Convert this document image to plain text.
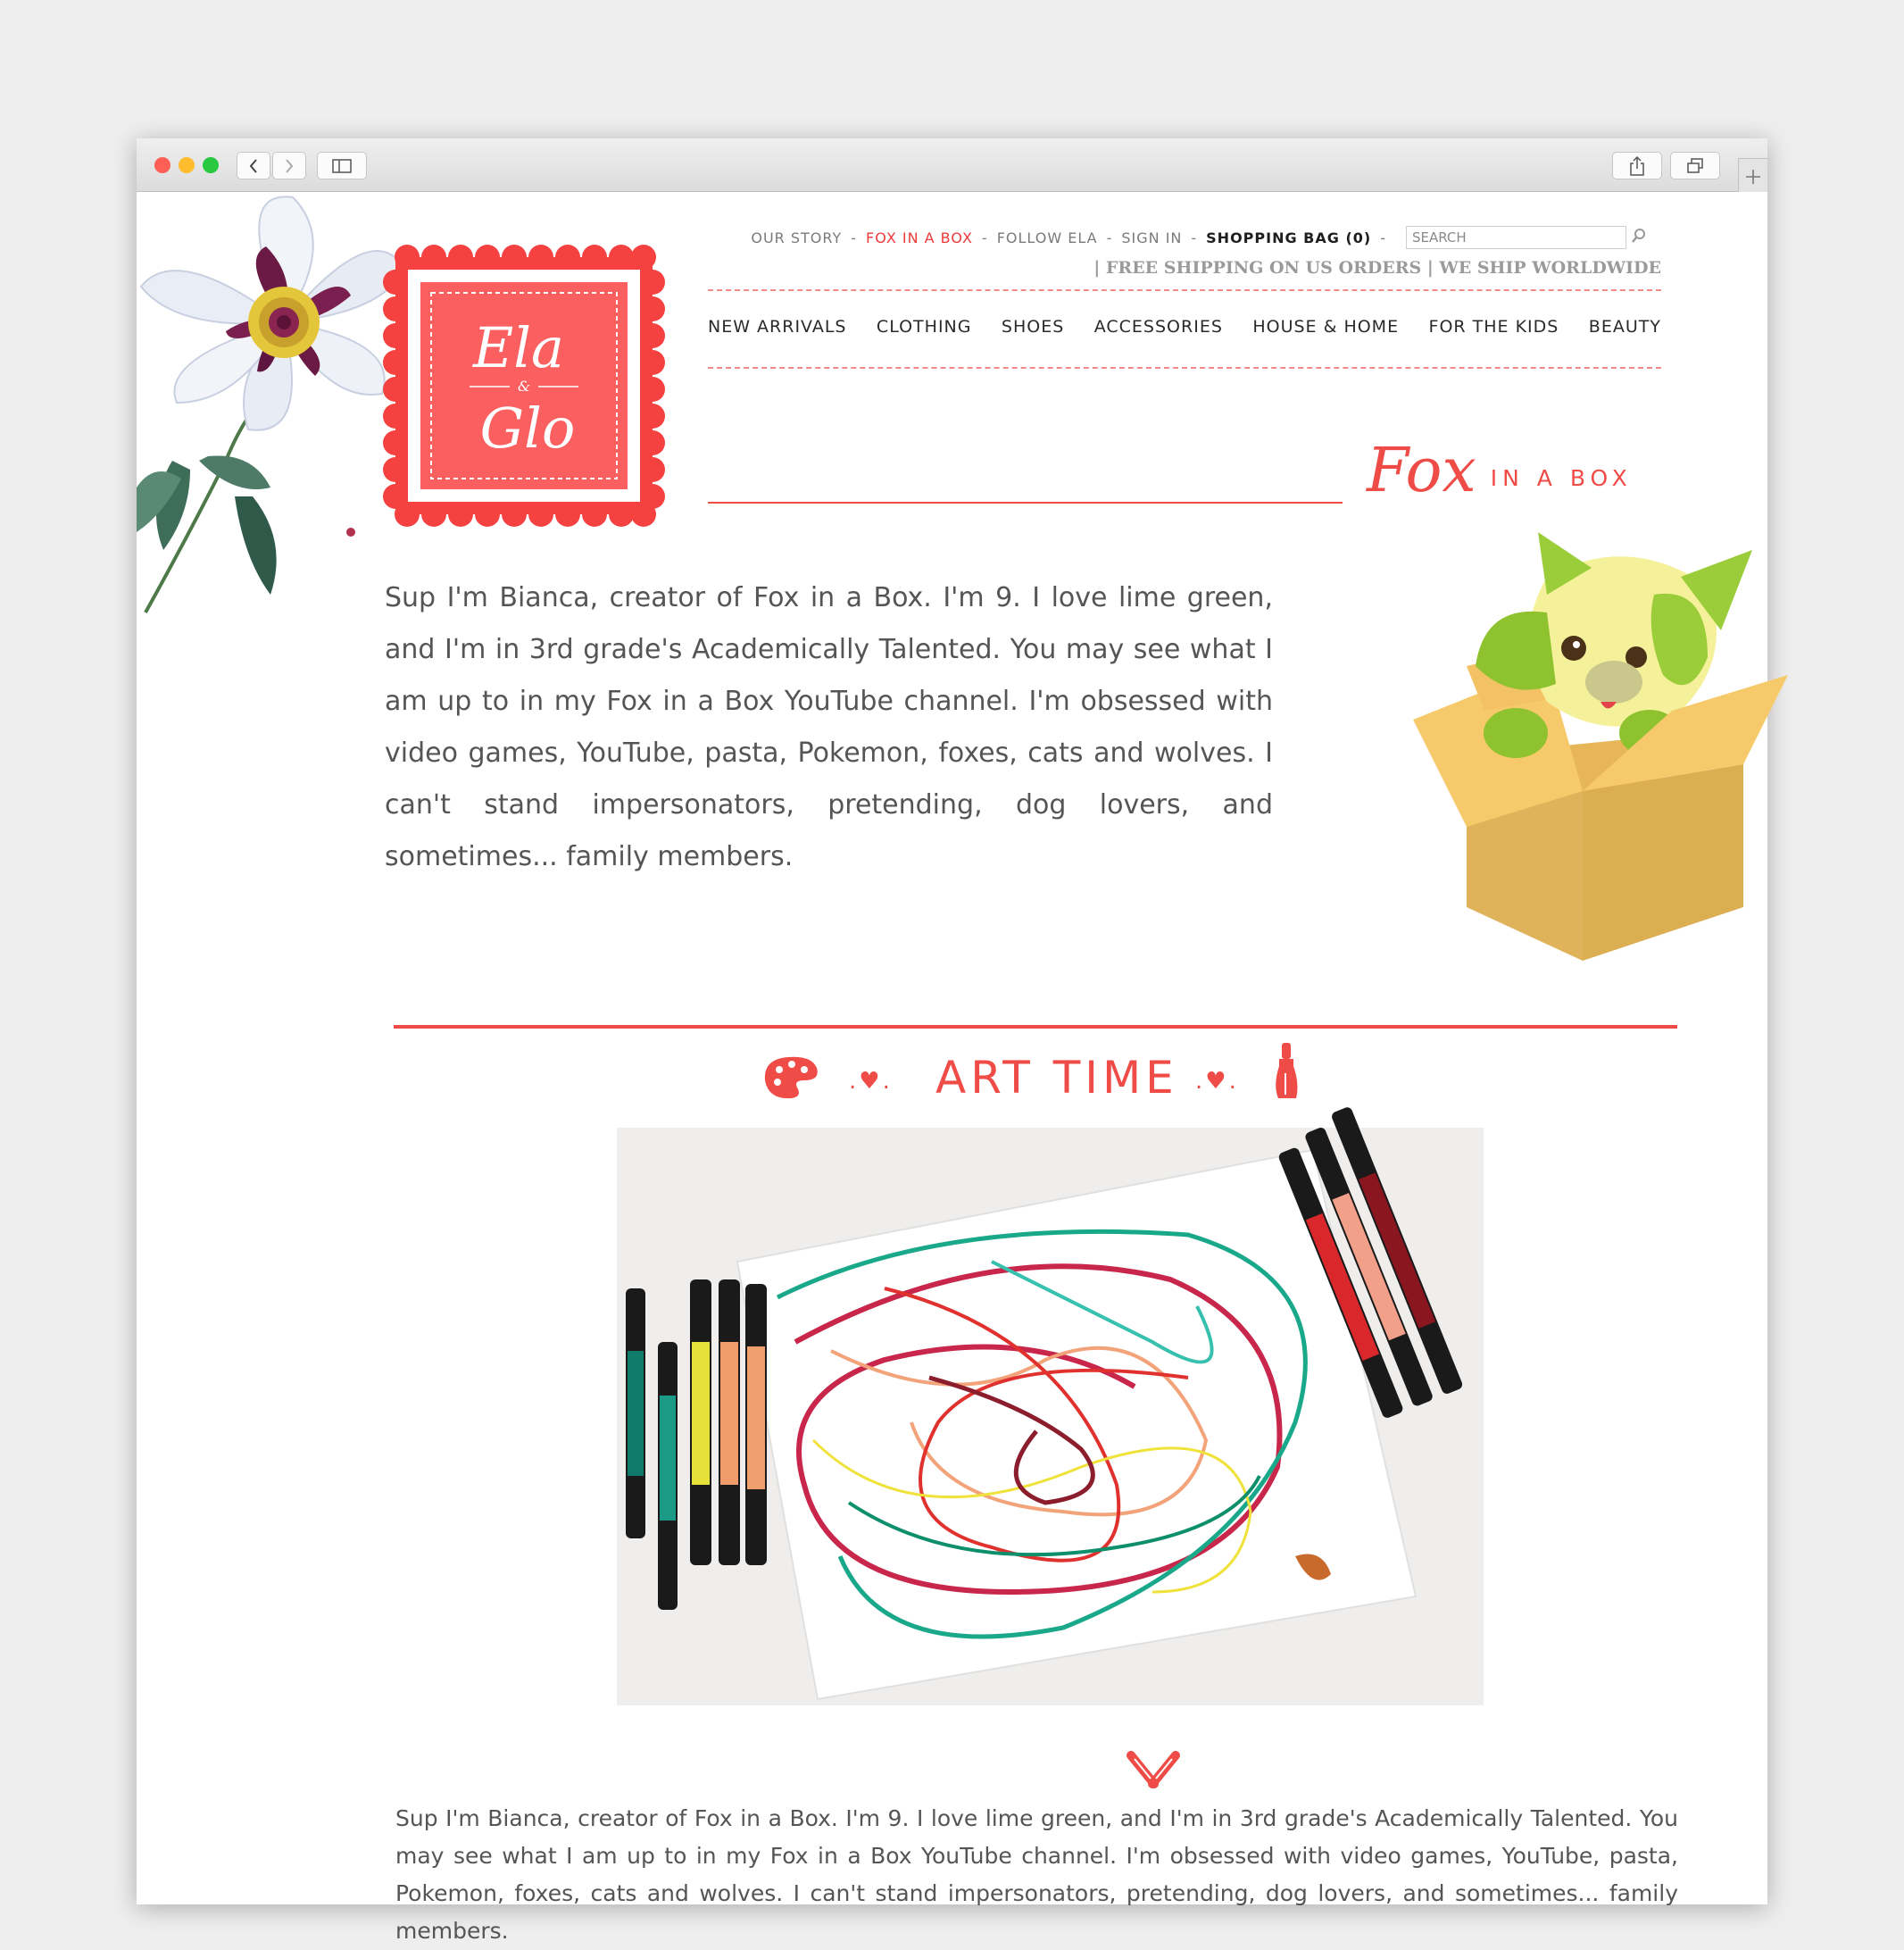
OUR STORY - FOX IN A BOX - FOLLOW ELA - SIGN IN - SHOPPING BAG (0) -
SEARCH
| FREE SHIPPING ON US ORDERS | WE SHIP WORLDWIDE
NEW ARRIVALS CLOTHING SHOES ACCESSORIES HOUSE & HOME FOR THE KIDS BEAUTY
Ela
&
Glo
Fox IN A BOX
Sup I'm Bianca, creator of Fox in a Box. I'm 9. I love lime green, and I'm in 3rd grade's Academically Talented. You may see what I am up to in my Fox in a Box YouTube channel. I'm obsessed with video games, YouTube, pasta, Pokemon, foxes, cats and wolves. I can't stand impersonators, pretending, dog lovers, and sometimes... family members.
.♥. ART TIME .♥.
Sup I'm Bianca, creator of Fox in a Box. I'm 9. I love lime green, and I'm in 3rd grade's Academically Talented. You may see what I am up to in my Fox in a Box YouTube channel. I'm obsessed with video games, YouTube, pasta, Pokemon, foxes, cats and wolves. I can't stand impersonators, pretending, dog lovers, and sometimes... family members.
